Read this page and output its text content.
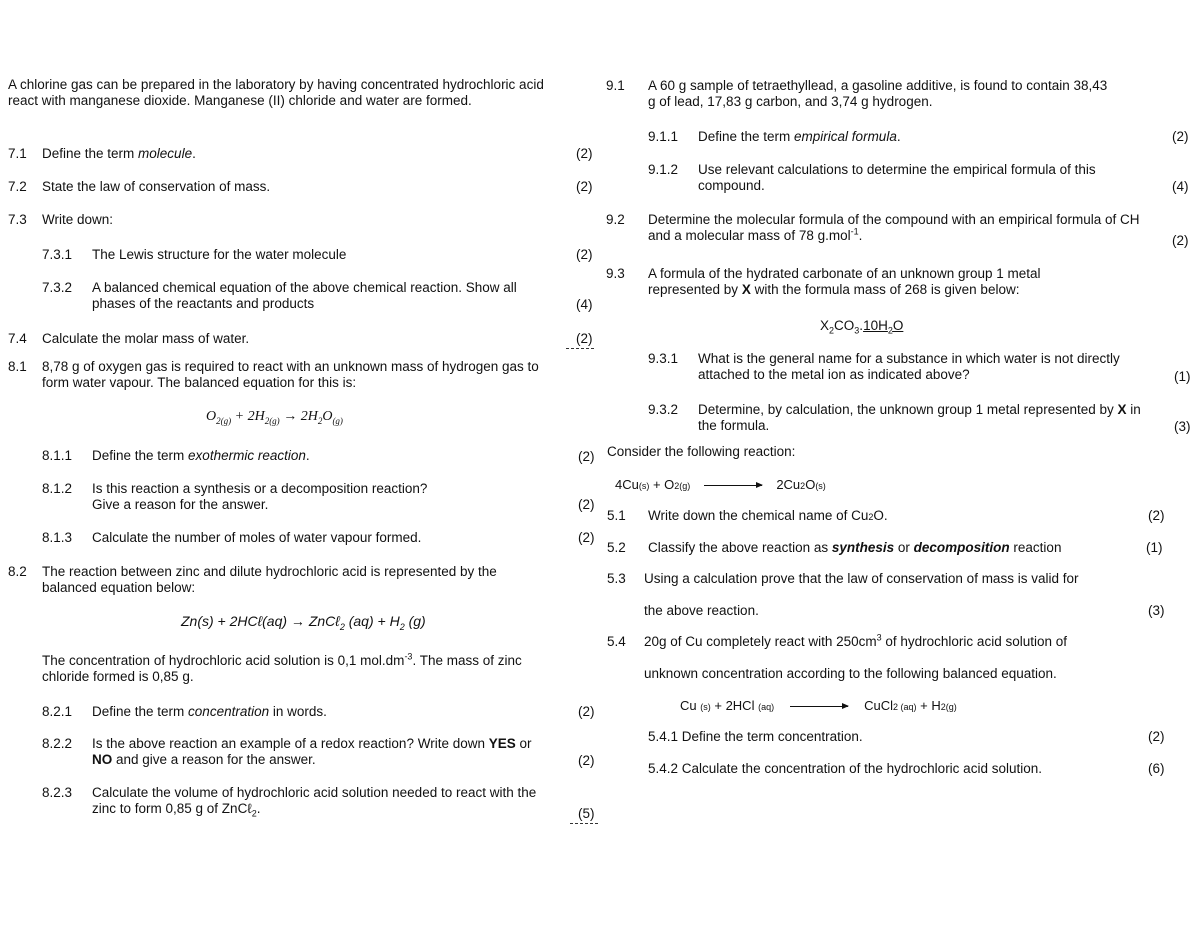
A chlorine gas can be prepared in the laboratory by having concentrated hydrochloric acid react with manganese dioxide. Manganese (II) chloride and water are formed.
7.1 Define the term molecule.	(2)
7.2 State the law of conservation of mass.	(2)
7.3 Write down:
7.3.1 The Lewis structure for the water molecule	(2)
7.3.2 A balanced chemical equation of the above chemical reaction. Show all phases of the reactants and products	(4)
7.4 Calculate the molar mass of water.	(2)
8.1 8,78 g of oxygen gas is required to react with an unknown mass of hydrogen gas to form water vapour. The balanced equation for this is:
$O_{2(g)} + 2H_{2(g)} \to 2H_2O_{(g)}$
8.1.1 Define the term exothermic reaction.	(2)
8.1.2 Is this reaction a synthesis or a decomposition reaction?
Give a reason for the answer.	(2)
8.1.3 Calculate the number of moles of water vapour formed.	(2)
8.2 The reaction between zinc and dilute hydrochloric acid is represented by the balanced equation below:
Zn(s) + 2HCℓ(aq) → ZnCℓ$_2$ $(aq) + H_2$ (g)
The concentration of hydrochloric acid solution is 0,1 $mol.dm^{-3}$. The mass of zinc chloride formed is 0,85 g.
8.2.1 Define the term concentration in words.	(2)
8.2.2 Is the above reaction an example of a redox reaction? Write down YES or NO and give a reason for the answer.	(2)
8.2.3 Calculate the volume of hydrochloric acid solution needed to react with the zinc to form 0,85 g of ZnCℓ$_2$.	(5)
9.1 A 60 g sample of tetraethyllead, a gasoline additive, is found to contain 38,43 g of lead, 17,83 g carbon, and 3,74 g hydrogen.
9.1.1 Define the term empirical formula.	(2)
9.1.2 Use relevant calculations to determine the empirical formula of this compound.	(4)
9.2 Determine the molecular formula of the compound with an empirical formula of CH and a molecular mass of 78 g.mol$^{-1}$.	(2)
9.3 A formula of the hydrated carbonate of an unknown group 1 metal represented by X with the formula mass of 268 is given below:
$X_2CO_3.10H_2O$
9.3.1 What is the general name for a substance in which water is not directly attached to the metal ion as indicated above?	(1)
9.3.2 Determine, by calculation, the unknown group 1 metal represented by X in the formula.	(3)
Consider the following reaction:
4Cu(s) + O2(g)	2Cu2O(s)
5.1 Write down the chemical name of Cu2O.	(2)
5.2 Classify the above reaction as synthesis or decomposition reaction	(1)
5.3 Using a calculation prove that the law of conservation of mass is valid for
the above reaction.	(3)
5.4 20g of Cu completely react with $250cm^3$ of hydrochloric acid solution of
unknown concentration according to the following balanced equation.
Cu (s) + 2HCl (aq)	CuCl2 (aq) + H2(g)
5.4.1 Define the term concentration.	(2)
5.4.2 Calculate the concentration of the hydrochloric acid solution.	(6)
